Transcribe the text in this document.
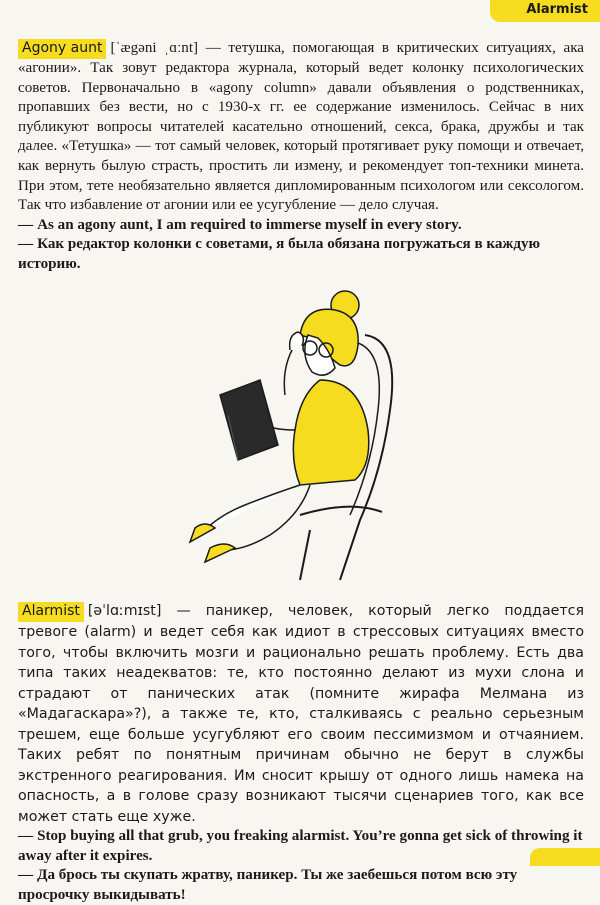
Alarmist

Agony aunt [ˈægəni ˌɑːnt] — тетушка, помогающая в критических ситуациях, ака «агонии». Так зовут редактора журнала, который ведет колонку психологических советов. Первоначально в «agony column» давали объявления о родственниках, пропавших без вести, но с 1930-х гг. ее содержание изменилось. Сейчас в них публикуют вопросы читателей касательно отношений, секса, брака, дружбы и так далее. «Тетушка» — тот самый человек, который протягивает руку помощи и отвечает, как вернуть былую страсть, простить ли измену, и рекомендует топ-техники минета. При этом, тете необязательно является дипломированным психологом или сексологом. Так что избавление от агонии или ее усугубление — дело случая.

— As an agony aunt, I am required to immerse myself in every story.

— Как редактор колонки с советами, я была обязана погружаться в каждую историю.

Alarmist [əˈlɑːmɪst] — паникер, человек, который легко поддается тревоге (alarm) и ведет себя как идиот в стрессовых ситуациях вместо того, чтобы включить мозги и рационально решать проблему. Есть два типа таких неадекватов: те, кто постоянно делают из мухи слона и страдают от панических атак (помните жирафа Мелмана из «Мадагаскара»?), а также те, кто, сталкиваясь с реально серьезным трешем, еще больше усугубляют его своим пессимизмом и отчаянием. Таких ребят по понятным причинам обычно не берут в службы экстренного реагирования. Им сносит крышу от одного лишь намека на опасность, а в голове сразу возникают тысячи сценариев того, как все может стать еще хуже.

— Stop buying all that grub, you freaking alarmist. You’re gonna get sick of throwing it away after it expires.

— Да брось ты скупать жратву, паникер. Ты же заебешься потом всю эту просрочку выкидывать!
